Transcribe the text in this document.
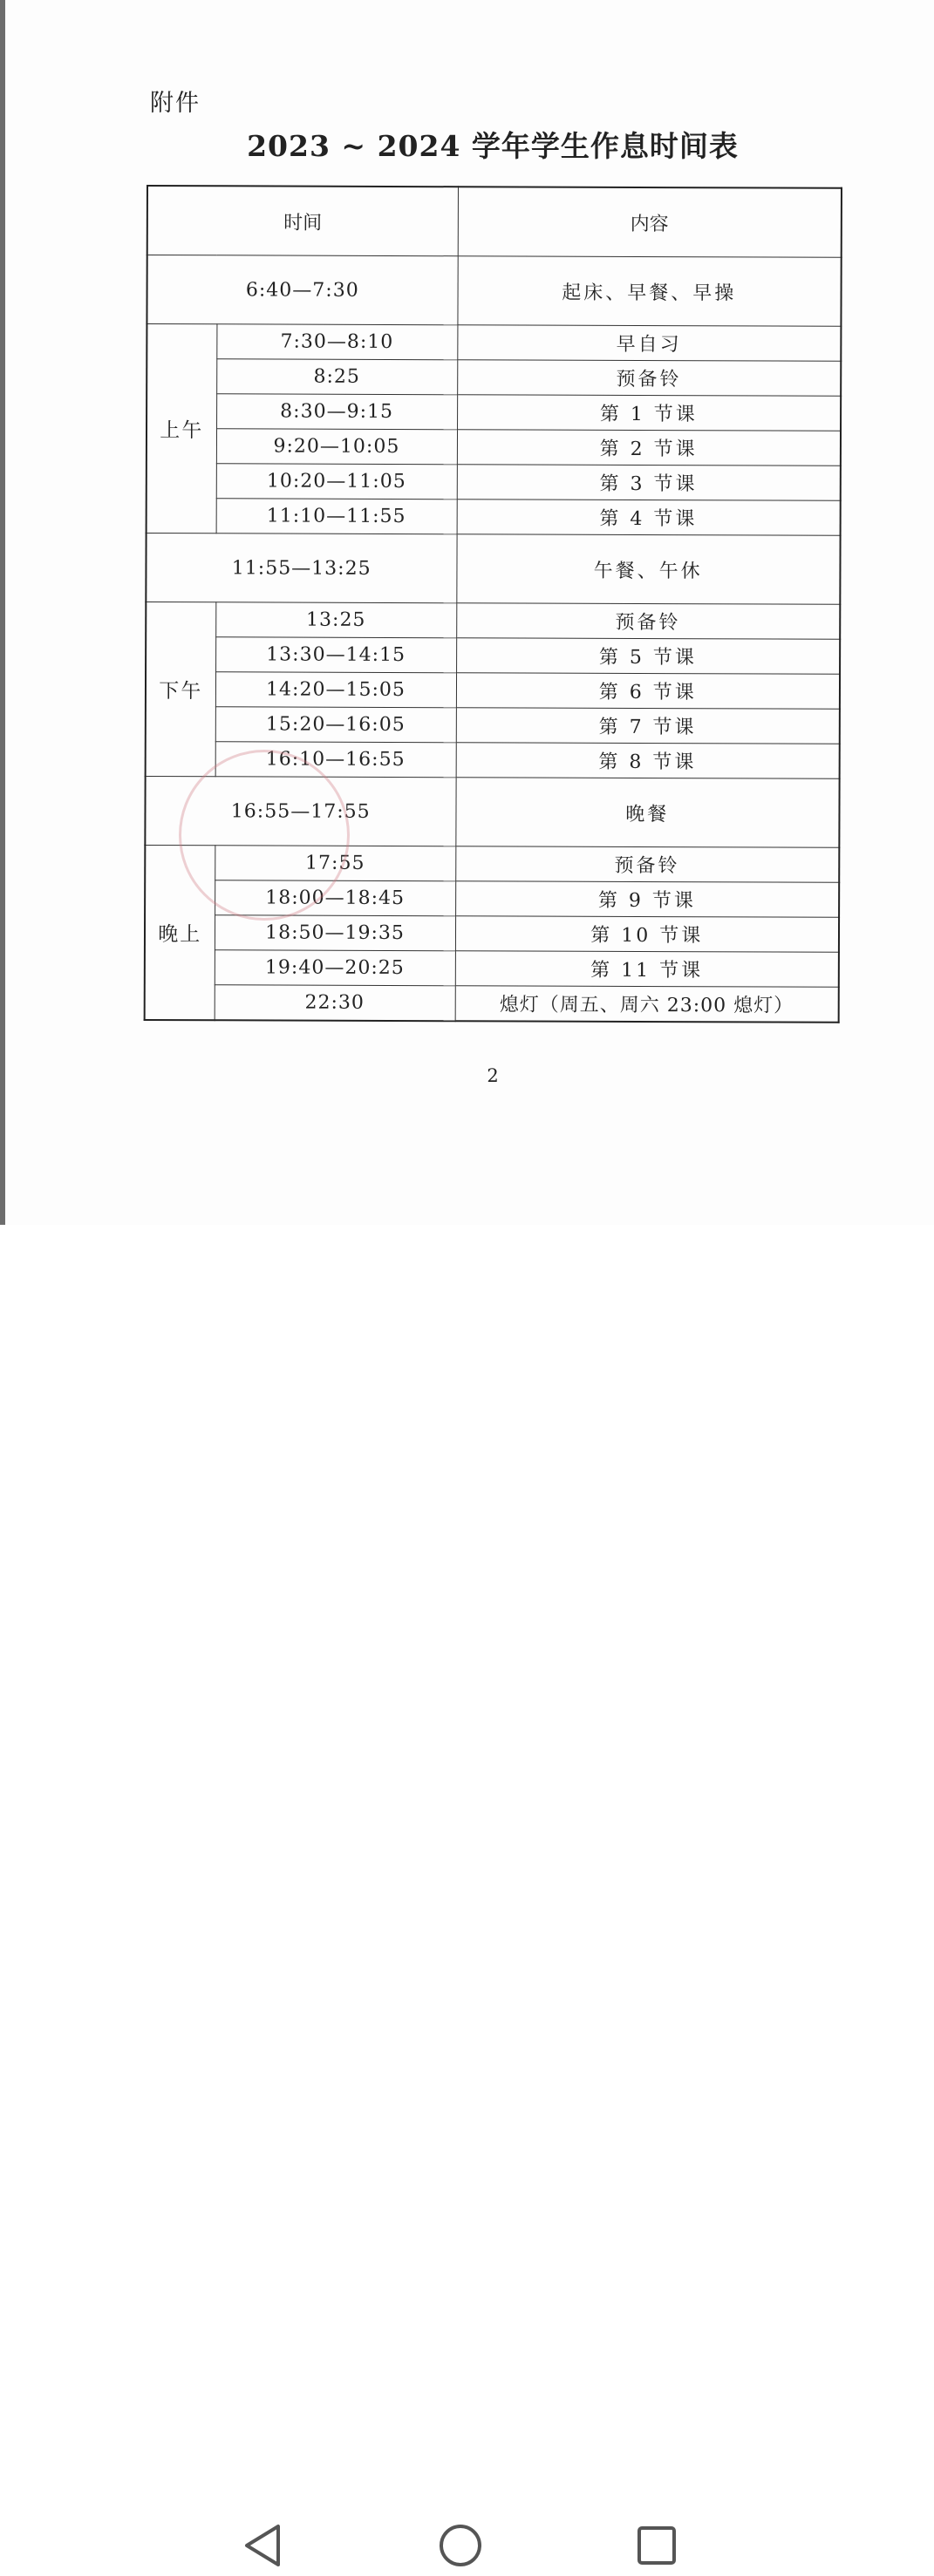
附件
2023 ~ 2024 学年学生作息时间表
时间		内容
6:40—7:30		起床、早餐、早操
上午	7:30—8:10	早自习
	8:25	预备铃
	8:30—9:15	第 1 节课
	9:20—10:05	第 2 节课
	10:20—11:05	第 3 节课
	11:10—11:55	第 4 节课
11:55—13:25		午餐、午休
下午	13:25	预备铃
	13:30—14:15	第 5 节课
	14:20—15:05	第 6 节课
	15:20—16:05	第 7 节课
	16:10—16:55	第 8 节课
16:55—17:55		晚餐
晚上	17:55	预备铃
	18:00—18:45	第 9 节课
	18:50—19:35	第 10 节课
	19:40—20:25	第 11 节课
	22:30	熄灯（周五、周六 23:00 熄灯）
2
